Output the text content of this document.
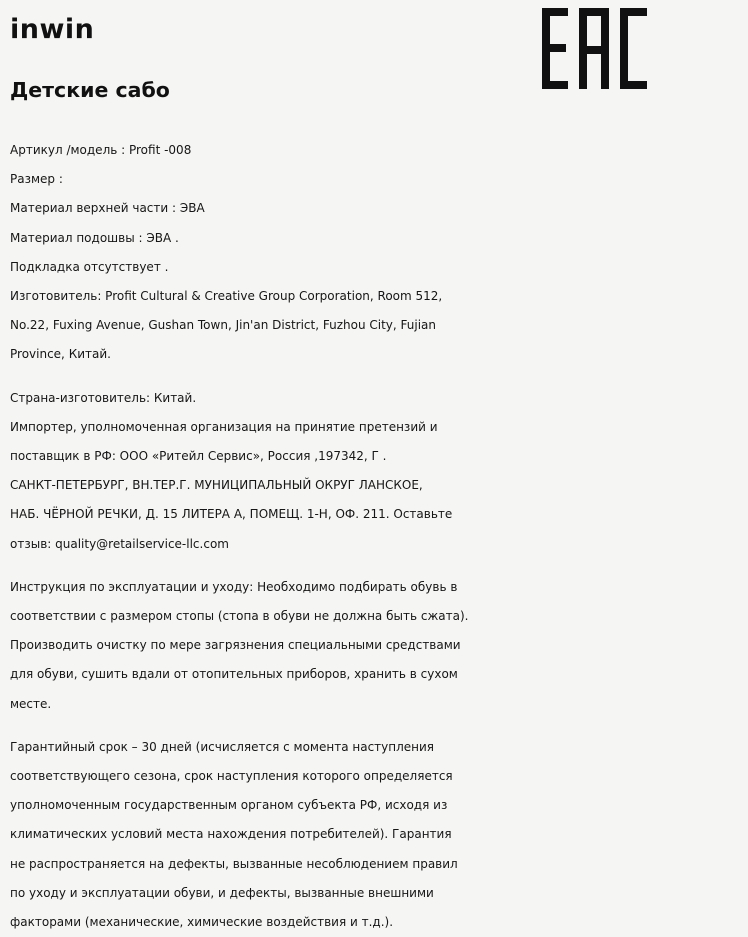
inwin
Детские сабо
Артикул /модель : Profit -008
Размер :
Материал верхней части : ЭВА
Материал подошвы : ЭВА .
Подкладка отсутствует .
Изготовитель: Profit Cultural & Creative Group Corporation, Room 512,
No.22, Fuxing Avenue, Gushan Town, Jin'an District, Fuzhou City, Fujian
Province, Китай.
Страна-изготовитель: Китай.
Импортер, уполномоченная организация на принятие претензий и
поставщик в РФ: ООО «Ритейл Сервис», Россия ,197342, Г .
САНКТ-ПЕТЕРБУРГ, ВН.ТЕР.Г. МУНИЦИПАЛЬНЫЙ ОКРУГ ЛАНСКОЕ,
НАБ. ЧЁРНОЙ РЕЧКИ, Д. 15 ЛИТЕРА А, ПОМЕЩ. 1-Н, ОФ. 211. Оставьте
отзыв: quality@retailservice-llc.com
Инструкция по эксплуатации и уходу: Необходимо подбирать обувь в
соответствии с размером стопы (стопа в обуви не должна быть сжата).
Производить очистку по мере загрязнения специальными средствами
для обуви, сушить вдали от отопительных приборов, хранить в сухом
месте.
Гарантийный срок – 30 дней (исчисляется с момента наступления
соответствующего сезона, срок наступления которого определяется
уполномоченным государственным органом субъекта РФ, исходя из
климатических условий места нахождения потребителей). Гарантия
не распространяется на дефекты, вызванные несоблюдением правил
по уходу и эксплуатации обуви, и дефекты, вызванные внешними
факторами (механические, химические воздействия и т.д.).
